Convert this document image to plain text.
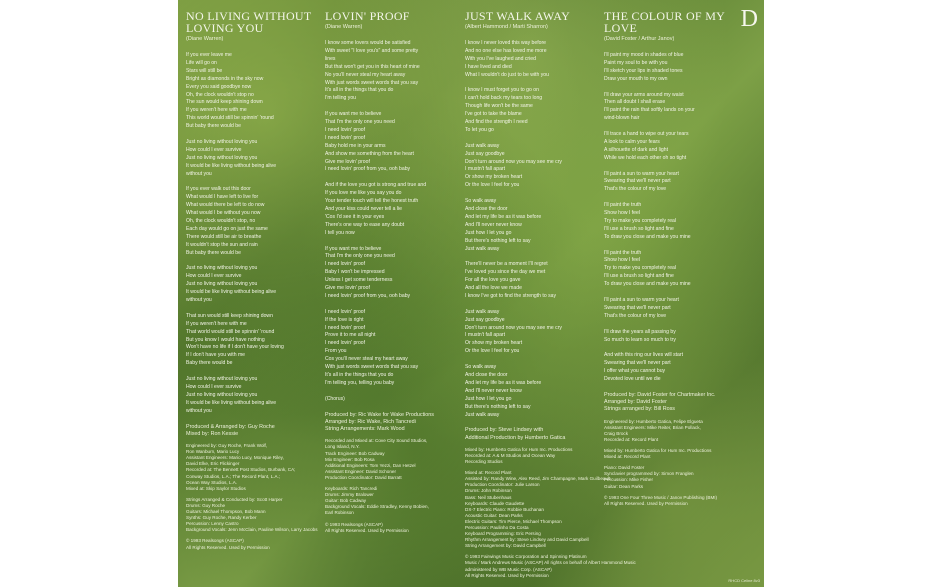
D
NO LIVING WITHOUT LOVING YOU
(Diane Warren)
If you ever leave me
Life will go on
Stars will still be
Bright as diamonds in the sky now
Every you said goodbye now
Oh, the clock wouldn't stop no
The sun would keep shining down
If you weren't here with me
This world would still be spinnin' 'round
But baby there would be
Just no living without loving you
How could I ever survive
Just no living without loving you
It would be like living without being alive
without you
If you ever walk out this door
What would I have left to live for
What would there be left to do now
What would I be without you now
Oh, the clock wouldn't stop, no
Each day would go on just the same
There would still be air to breathe
It wouldn't stop the sun and rain
But baby there would be
Just no living without loving you
How could I ever survive
Just no living without loving you
It would be like living without being alive
without you
That sun would still keep shining down
If you weren't here with me
That world would still be spinnin' 'round
But you know I would have nothing
Won't have no life if I don't have your loving
If I don't have you with me
Baby there would be
Just no living without loving you
How could I ever survive
Just no living without loving you
It would be like living without being alive
without you
Produced & Arranged by: Guy Roche
Mixed by: Ron Kessie
Engineered by: Guy Roche, Frank Wolf,
Ron Wanburn, Mario Lucy
Assistant Engineers: Mario Lucy, Monique Riley,
David Elke, Eric Flickinger
Recorded at: The Bennett Post Studios, Burbank, CA;
Conway Studios, L.A.; The Record Plant, L.A.;
Ocean Way Studios, L.A.
Mixed at: Skip Saylor Studios
Strings Arranged & Conducted by: Scott Harper
Drums: Guy Roche
Guitars: Michael Thompson, Bob Mann
Synths: Guy Roche, Randy Kerber
Percussion: Lenny Castro
Background Vocals: Jenn McClain, Pauline Wilson, Larry Jacobs
© 1993 Realsongs (ASCAP)
All Rights Reserved. Used by Permission
LOVIN' PROOF
(Diane Warren)
I know some lovers would be satisfied
With sweet "I love you's" and some pretty
lines
But that won't get you in this heart of mine
No you'll never steal my heart away
With just words sweet words that you say
It's all in the things that you do
I'm telling you
If you want me to believe
That I'm the only one you need
I need lovin' proof
I need lovin' proof
Baby hold me in your arms
And show me something from the heart
Give me lovin' proof
I need lovin' proof from you, ooh baby
And if the love you got is strong and true and
If you love me like you say you do
Your tender touch will tell the honest truth
And your kiss could never tell a lie
'Cos I'd see it in your eyes
There's one way to ease any doubt
I tell you now
If you want me to believe
That I'm the only one you need
I need lovin' proof
Baby I won't be impressed
Unless I get some tenderness
Give me lovin' proof
I need lovin' proof from you, ooh baby
I need lovin' proof
If the love is right
I need lovin' proof
Prove it to me all night
I need lovin' proof
From you
Cos you'll never steal my heart away
With just words sweet words that you say
It's all in the things that you do
I'm telling you, telling you baby
(Chorus)
Produced by: Ric Wake for Wake Productions
Arranged by: Ric Wake, Rich Tancredi
String Arrangements: Mark Wood
Recorded and Mixed at: Cove City Sound Studios,
Long Island, N.Y.
Track Engineer: Bob Cadway
Mix Engineer: Bob Rosa
Additional Engineers: Tom Yezzi, Dan Hetzel
Assistant Engineer: David Schoner
Production Coordinator: David Barratt
Keyboards: Rich Tancredi
Drums: Jimmy Bralower
Guitar: Bob Cadway
Background Vocals: Eddie Stradley, Kenny Bobien,
Earl Robinson
© 1993 Realsongs (ASCAP)
All Rights Reserved. Used by Permission
JUST WALK AWAY
(Albert Hammond / Marti Sharron)
I know I never loved this way before
And no one else has loved me more
With you I've laughed and cried
I have lived and died
What I wouldn't do just to be with you
I know I must forget you to go on
I can't hold back my tears too long
Though life won't be the same
I've got to take the blame
And find the strength I need
To let you go
Just walk away
Just say goodbye
Don't turn around now you may see me cry
I mustn't fall apart
Or show my broken heart
Or the love I feel for you
So walk away
And close the door
And let my life be as it was before
And I'll never never know
Just how I let you go
But there's nothing left to say
Just walk away
There'll never be a moment I'll regret
I've loved you since the day we met
For all the love you gave
And all the love we made
I know I've got to find the strength to say
Just walk away
Just say goodbye
Don't turn around now you may see me cry
I mustn't fall apart
Or show my broken heart
Or the love I feel for you
So walk away
And close the door
And let my life be as it was before
And I'll never never know
Just how I let you go
But there's nothing left to say
Just walk away
Produced by: Steve Lindsey with
Additional Production by Humberto Gatica
Mixed by: Humberto Gatica for Hum Inc. Productions
Recorded at: A & M Studios and Ocean Way
Recording Studios
Mixed at: Record Plant
Assisted by: Randy Wine, Alex Reed, Jim Champagne, Mark Guilbeault
Production Coordinator: Julie Larson
Drums: John Robinson
Bass: Neil Stubenhaus
Keyboards: Claude Gaudette
DX-7 Electric Piano: Robbie Buchanan
Acoustic Guitar: Dean Parks
Electric Guitars: Tim Pierce, Michael Thompson
Percussion: Paulinho Da Costa
Keyboard Programming: Eric Persing
Rhythm Arrangement by: Steve Lindsey and David Campbell
String Arrangement by: David Campbell
© 1993 Fairwings Music Corporation and Spinning Platinum
Music / Mark Andrews Music (ASCAP) All rights on behalf of Albert Hammond Music
administered by WB Music Corp. (ASCAP)
All Rights Reserved. Used by Permission
THE COLOUR OF MY LOVE
(David Foster / Arthur Janov)
I'll paint my mood in shades of blue
Paint my soul to be with you
I'll sketch your lips in shaded tones
Draw your mouth to my own
I'll draw your arms around my waist
Then all doubt I shall erase
I'll paint the rain that softly lands on your
wind-blown hair
I'll trace a hand to wipe out your tears
A look to calm your fears
A silhouette of dark and light
While we hold each other oh so tight
I'll paint a sun to warm your heart
Swearing that we'll never part
That's the colour of my love
I'll paint the truth
Show how I feel
Try to make you completely real
I'll use a brush so light and fine
To draw you close and make you mine
I'll paint the truth
Show how I feel
Try to make you completely real
I'll use a brush so light and fine
To draw you close and make you mine
I'll paint a sun to warm your heart
Swearing that we'll never part
That's the colour of my love
I'll draw the years all passing by
So much to learn so much to try
And with this ring our lives will start
Swearing that we'll never part
I offer what you cannot buy
Devoted love until we die
Produced by: David Foster for Chartmaker Inc.
Arranged by: David Foster
Strings arranged by: Bill Ross
Engineered by: Humberto Gatica, Felipe Elgueta
Assistant Engineers: Mike Reiter, Brian Pollack,
Craig Brock
Recorded at: Record Plant
Mixed by: Humberto Gatica for Hum Inc. Productions
Mixed at: Record Plant
Piano: David Foster
Synclavier programmed by: Simon Franglen
Percussion: Mike Fisher
Guitar: Dean Parks
© 1993 One Four Three Music / Janov Publishing (BMI)
All Rights Reserved. Used by Permission
RHCD Celine 8v3
